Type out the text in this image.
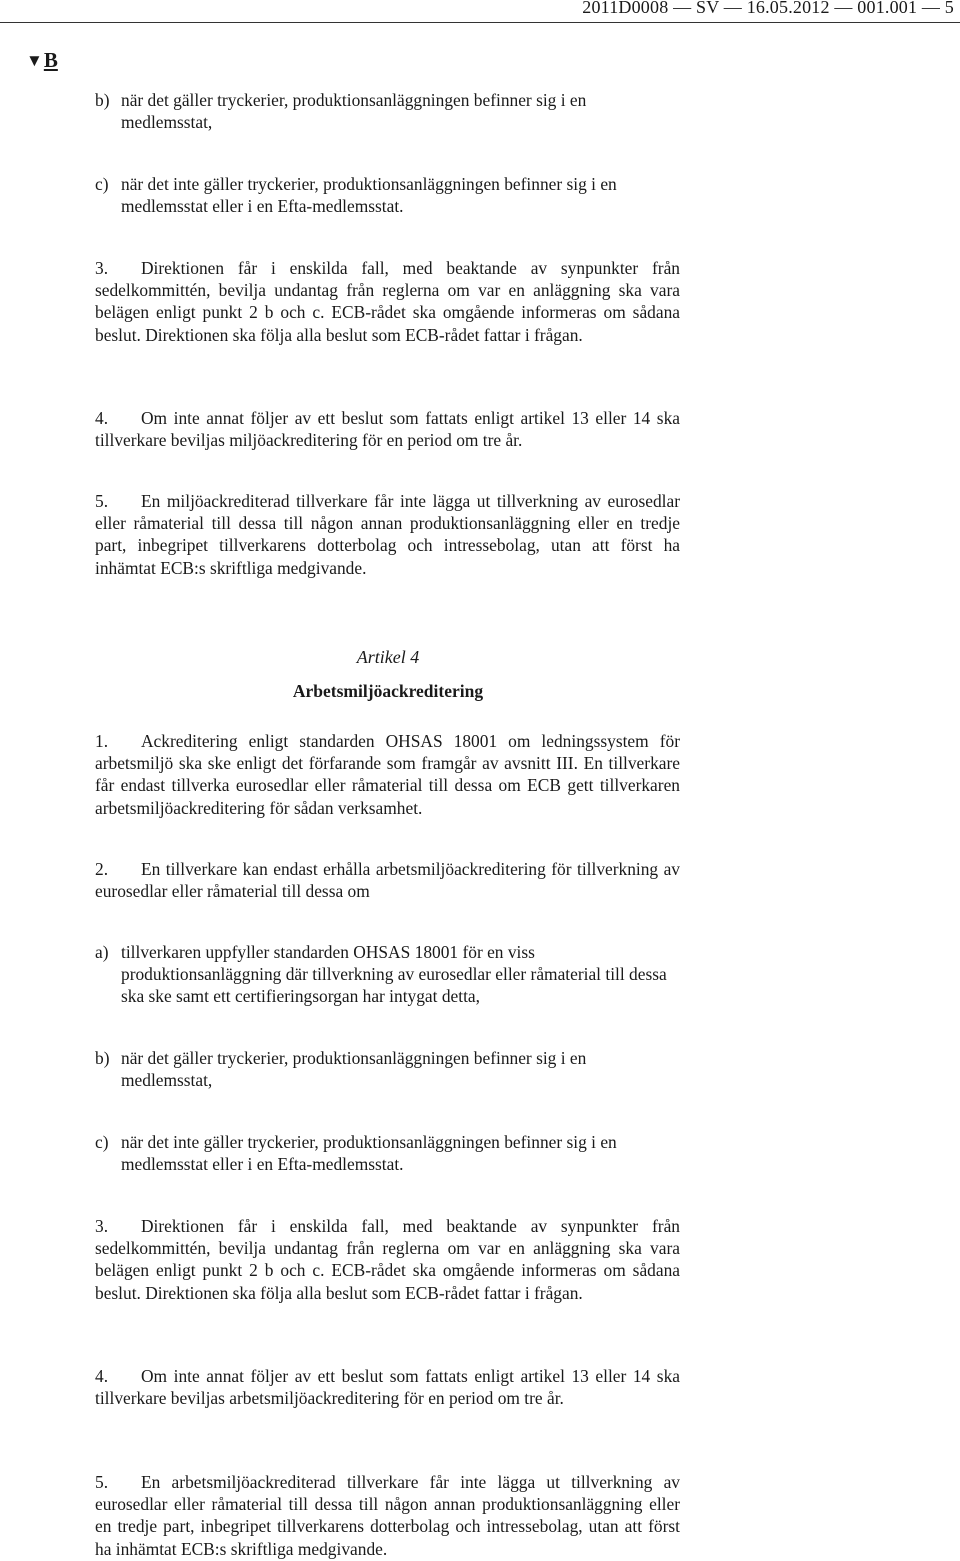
2011D0008 — SV — 16.05.2012 — 001.001 — 5
▼B
b) när det gäller tryckerier, produktionsanläggningen befinner sig i en medlemsstat,
c) när det inte gäller tryckerier, produktionsanläggningen befinner sig i en medlemsstat eller i en Efta-medlemsstat.
3. Direktionen får i enskilda fall, med beaktande av synpunkter från sedelkommittén, bevilja undantag från reglerna om var en anläggning ska vara belägen enligt punkt 2 b och c. ECB-rådet ska omgående informeras om sådana beslut. Direktionen ska följa alla beslut som ECB-rådet fattar i frågan.
4. Om inte annat följer av ett beslut som fattats enligt artikel 13 eller 14 ska tillverkare beviljas miljöackreditering för en period om tre år.
5. En miljöackrediterad tillverkare får inte lägga ut tillverkning av eurosedlar eller råmaterial till dessa till någon annan produktionsanläggning eller en tredje part, inbegripet tillverkarens dotterbolag och intressebolag, utan att först ha inhämtat ECB:s skriftliga medgivande.
Artikel 4
Arbetsmiljöackreditering
1. Ackreditering enligt standarden OHSAS 18001 om ledningssystem för arbetsmiljö ska ske enligt det förfarande som framgår av avsnitt III. En tillverkare får endast tillverka eurosedlar eller råmaterial till dessa om ECB gett tillverkaren arbetsmiljöackreditering för sådan verksamhet.
2. En tillverkare kan endast erhålla arbetsmiljöackreditering för tillverkning av eurosedlar eller råmaterial till dessa om
a) tillverkaren uppfyller standarden OHSAS 18001 för en viss produktionsanläggning där tillverkning av eurosedlar eller råmaterial till dessa ska ske samt ett certifieringsorgan har intygat detta,
b) när det gäller tryckerier, produktionsanläggningen befinner sig i en medlemsstat,
c) när det inte gäller tryckerier, produktionsanläggningen befinner sig i en medlemsstat eller i en Efta-medlemsstat.
3. Direktionen får i enskilda fall, med beaktande av synpunkter från sedelkommittén, bevilja undantag från reglerna om var en anläggning ska vara belägen enligt punkt 2 b och c. ECB-rådet ska omgående informeras om sådana beslut. Direktionen ska följa alla beslut som ECB-rådet fattar i frågan.
4. Om inte annat följer av ett beslut som fattats enligt artikel 13 eller 14 ska tillverkare beviljas arbetsmiljöackreditering för en period om tre år.
5. En arbetsmiljöackrediterad tillverkare får inte lägga ut tillverkning av eurosedlar eller råmaterial till dessa till någon annan produktionsanläggning eller en tredje part, inbegripet tillverkarens dotterbolag och intressebolag, utan att först ha inhämtat ECB:s skriftliga medgivande.
